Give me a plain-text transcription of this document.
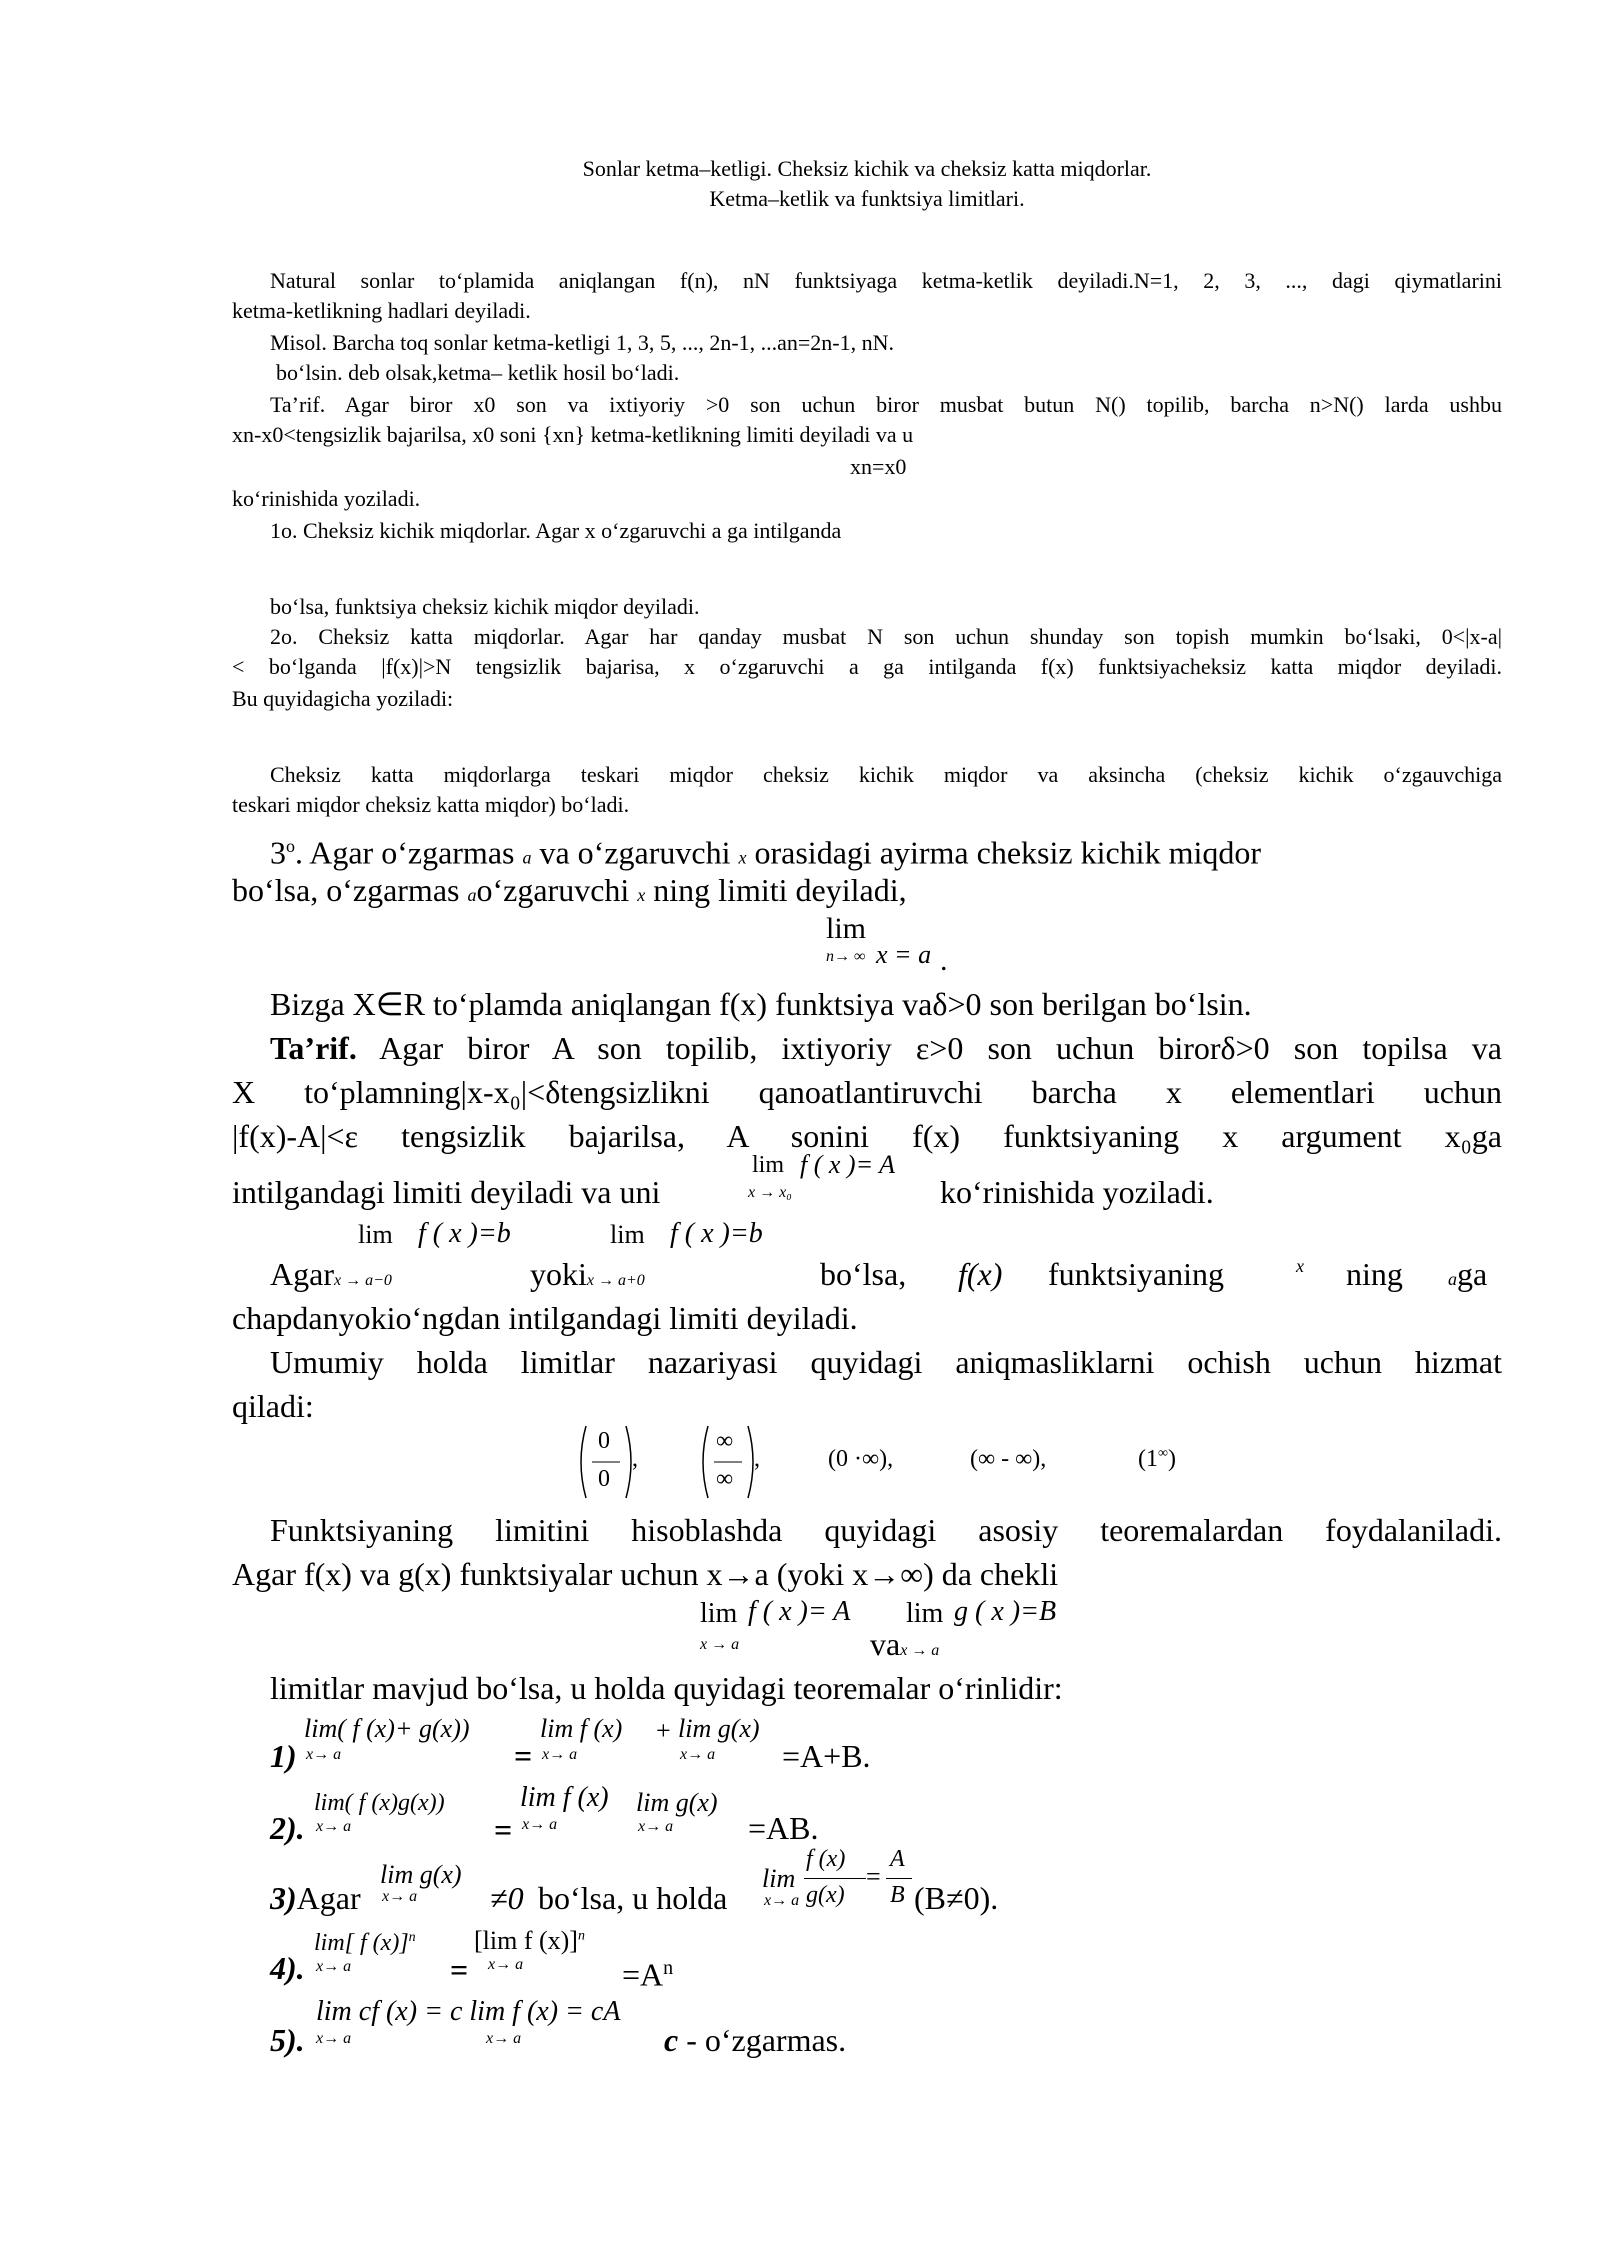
Sonlar ketma–ketligi. Cheksiz kichik va cheksiz katta miqdorlar.
Ketma–ketlik va funktsiya limitlari.
Natural sonlar to‘plamida aniqlangan f(n), nN funktsiyaga ketma-ketlik deyiladi.N=1, 2, 3, ..., dagi qiymatlarini
ketma-ketlikning hadlari deyiladi.
Misol. Barcha toq sonlar ketma-ketligi 1, 3, 5, ..., 2n-1, ...an=2n-1, nN.
bo‘lsin. deb olsak,ketma– ketlik hosil bo‘ladi.
Ta’rif. Agar biror x0 son va ixtiyoriy >0 son uchun biror musbat butun N() topilib, barcha n>N() larda ushbu
xn-x0<tengsizlik bajarilsa, x0 soni {xn} ketma-ketlikning limiti deyiladi va u
xn=x0
ko‘rinishida yoziladi.
1o. Cheksiz kichik miqdorlar. Agar x o‘zgaruvchi a ga intilganda
bo‘lsa, funktsiya cheksiz kichik miqdor deyiladi.
2o. Cheksiz katta miqdorlar. Agar har qanday musbat N son uchun shunday son topish mumkin bo‘lsaki, 0<|x-a|
< bo‘lganda |f(x)|>N tengsizlik bajarisa, x o‘zgaruvchi a ga intilganda f(x) funktsiyacheksiz katta miqdor deyiladi.
Bu quyidagicha yoziladi:
Cheksiz katta miqdorlarga teskari miqdor cheksiz kichik miqdor va aksincha (cheksiz kichik o‘zgauvchiga
teskari miqdor cheksiz katta miqdor) bo‘ladi.
3$^o$. Agar o‘zgarmas a va o‘zgaruvchi x orasidagi ayirma cheksiz kichik miqdor
bo‘lsa, o‘zgarmas ao‘zgaruvchi x ning limiti deyiladi,
lim
n→ ∞ x = a .
Bizga X∈R to‘plamda aniqlangan f(x) funktsiya vaδ>0 son berilgan bo‘lsin.
Ta’rif. Agar biror A son topilib, ixtiyoriy ε>0 son uchun birorδ>0 son topilsa va
X to‘plamning|x-x₀|<δtengsizlikni qanoatlantiruvchi barcha x elementlari uchun
|f(x)-A|<ε tengsizlik bajarilsa, A sonini f(x) funktsiyaning x argument x₀ga
lim f ( x )= A
x → x₀
intilgandagi limiti deyiladi va uni	ko‘rinishida yoziladi.
lim f ( x )=b	lim f ( x )=b
Agarx → a−0	yokix → a+0	bo‘lsa, f(x) funktsiyaning	x ning	aga
chapdanyokio‘ngdan intilgandagi limiti deyiladi.
Umumiy holda limitlar nazariyasi quyidagi aniqmasliklarni ochish uchun hizmat
qiladi:
0
0
,
∞
∞
,	(0 ·∞),	(∞ - ∞),	(1∞)
Funktsiyaning limitini hisoblashda quyidagi asosiy teoremalardan foydalaniladi.
Agar f(x) va g(x) funktsiyalar uchun x→a (yoki x→∞) da chekli
lim f ( x )= A
x → a
lim g ( x )=B
vax → a
limitlar mavjud bo‘lsa, u holda quyidagi teoremalar o‘rinlidir:
1)
lim( f (x)+ g(x))
x→ a	=
lim f (x)
x→ a
+ lim g(x)
x→ a =A+B.
2).
lim( f (x)g(x))
x→ a	=
lim f (x)
x→ a
lim g(x)
x→ a =AB.
3)Agar
lim g(x)
x→ a ≠0 bo‘lsa, u holda
lim
x→ a
f (x)
g(x)
=
A
B (B≠0).
4).
lim[ f (x)]$^n$
x→ a	=
[lim f (x)]$^n$
x→ a	$=A^n$
5).
lim cf (x) = c lim f (x) = cA
x→ a	x→ a	c - o‘zgarmas.
